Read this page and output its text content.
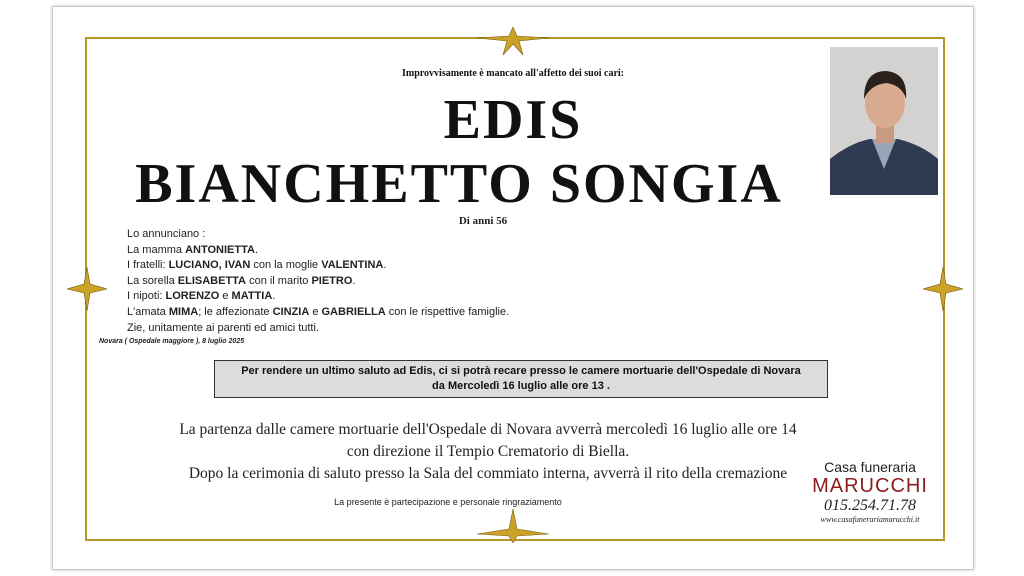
Improvvisamente è mancato all'affetto dei suoi cari:
EDIS
BIANCHETTO SONGIA
Di anni 56
Lo annunciano :
La mamma ANTONIETTA.
I fratelli: LUCIANO, IVAN con la moglie VALENTINA.
La sorella ELISABETTA con il marito PIETRO.
I nipoti: LORENZO e MATTIA.
L'amata MIMA; le affezionate CINZIA e GABRIELLA con le rispettive famiglie.
Zie, unitamente ai parenti ed amici tutti.
Novara ( Ospedale maggiore ), 8 luglio 2025
Per rendere un ultimo saluto ad Edis, ci si potrà recare presso le camere mortuarie dell'Ospedale di Novara
da Mercoledì 16 luglio alle ore 13 .
La partenza dalle camere mortuarie dell'Ospedale di Novara avverrà mercoledì 16 luglio alle ore 14
con direzione il Tempio Crematorio di Biella.
Dopo la cerimonia di saluto presso la Sala del commiato interna, avverrà il rito della cremazione
La presente è partecipazione e personale ringraziamento
Casa funeraria
MARUCCHI
015.254.71.78
www.casafunerariamarucchi.it
